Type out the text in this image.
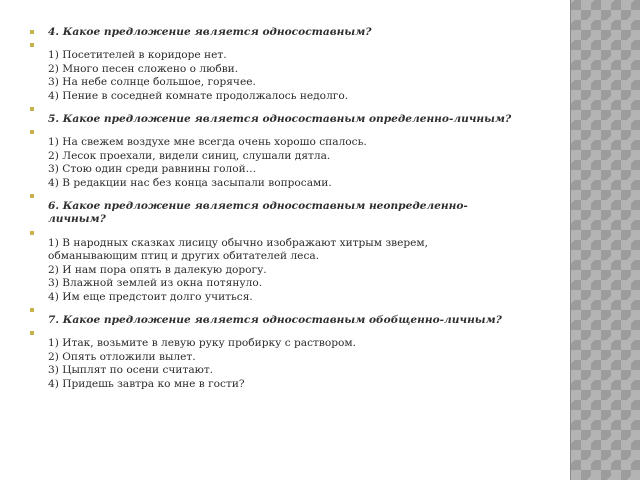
4. Какое предложение является односоставным?
1) Посетителей в коридоре нет.
2) Много песен сложено о любви.
3) На небе солнце большое, горячее.
4) Пение в соседней комнате продолжалось недолго.
5. Какое предложение является односоставным определенно-личным?
1) На свежем воздухе мне всегда очень хорошо спалось.
2) Лесок проехали, видели синиц, слушали дятла.
3) Стою один среди равнины голой…
4) В редакции нас без конца засыпали вопросами.
6. Какое предложение является односоставным неопределенно-личным?
1) В народных сказках лисицу обычно изображают хитрым зверем, обманывающим птиц и других обитателей леса.
2) И нам пора опять в далекую дорогу.
3) Влажной землей из окна потянуло.
4) Им еще предстоит долго учиться.
7. Какое предложение является односоставным обобщенно-личным?
1) Итак, возьмите в левую руку пробирку с раствором.
2) Опять отложили вылет.
3) Цыплят по осени считают.
4) Придешь завтра ко мне в гости?
